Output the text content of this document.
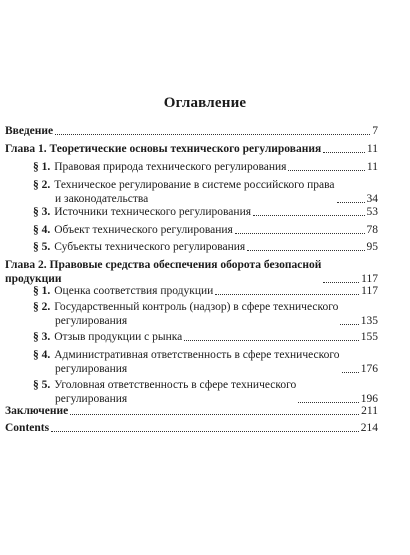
Оглавление
Введение	7
Глава 1. Теоретические основы технического регулирования	11
§ 1. Правовая природа технического регулирования	11
§ 2. Техническое регулирование в системе российского права
и законодательства	34
§ 3. Источники технического регулирования	53
§ 4. Объект технического регулирования	78
§ 5. Субъекты технического регулирования	95
Глава 2. Правовые средства обеспечения оборота безопасной
продукции	117
§ 1. Оценка соответствия продукции	117
§ 2. Государственный контроль (надзор) в сфере технического
регулирования	135
§ 3. Отзыв продукции с рынка	155
§ 4. Административная ответственность в сфере технического
регулирования	176
§ 5. Уголовная ответственность в сфере технического
регулирования	196
Заключение	211
Contents	214
